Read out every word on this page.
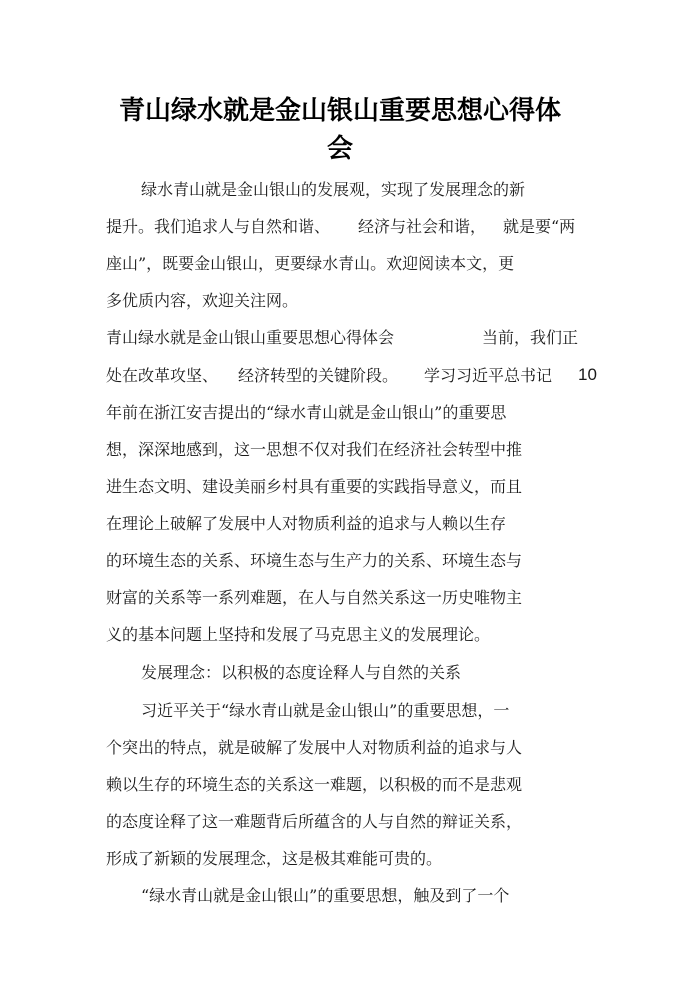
青山绿水就是金山银山重要思想心得体
会
绿水青山就是金山银山的发展观，实现了发展理念的新
提升。我们追求人与自然和谐、 经济与社会和谐， 就是要“两
座山”，既要金山银山，更要绿水青山。欢迎阅读本文，更
多优质内容，欢迎关注网。
青山绿水就是金山银山重要思想心得体会	当前，我们正
处在改革攻坚、 经济转型的关键阶段。 学习习近平总书记 10
年前在浙江安吉提出的“绿水青山就是金山银山”的重要思
想，深深地感到，这一思想不仅对我们在经济社会转型中推
进生态文明、建设美丽乡村具有重要的实践指导意义，而且
在理论上破解了发展中人对物质利益的追求与人赖以生存
的环境生态的关系、环境生态与生产力的关系、环境生态与
财富的关系等一系列难题，在人与自然关系这一历史唯物主
义的基本问题上坚持和发展了马克思主义的发展理论。
发展理念：以积极的态度诠释人与自然的关系
习近平关于“绿水青山就是金山银山”的重要思想，一
个突出的特点，就是破解了发展中人对物质利益的追求与人
赖以生存的环境生态的关系这一难题，以积极的而不是悲观
的态度诠释了这一难题背后所蕴含的人与自然的辩证关系，
形成了新颖的发展理念，这是极其难能可贵的。
“绿水青山就是金山银山”的重要思想，触及到了一个
